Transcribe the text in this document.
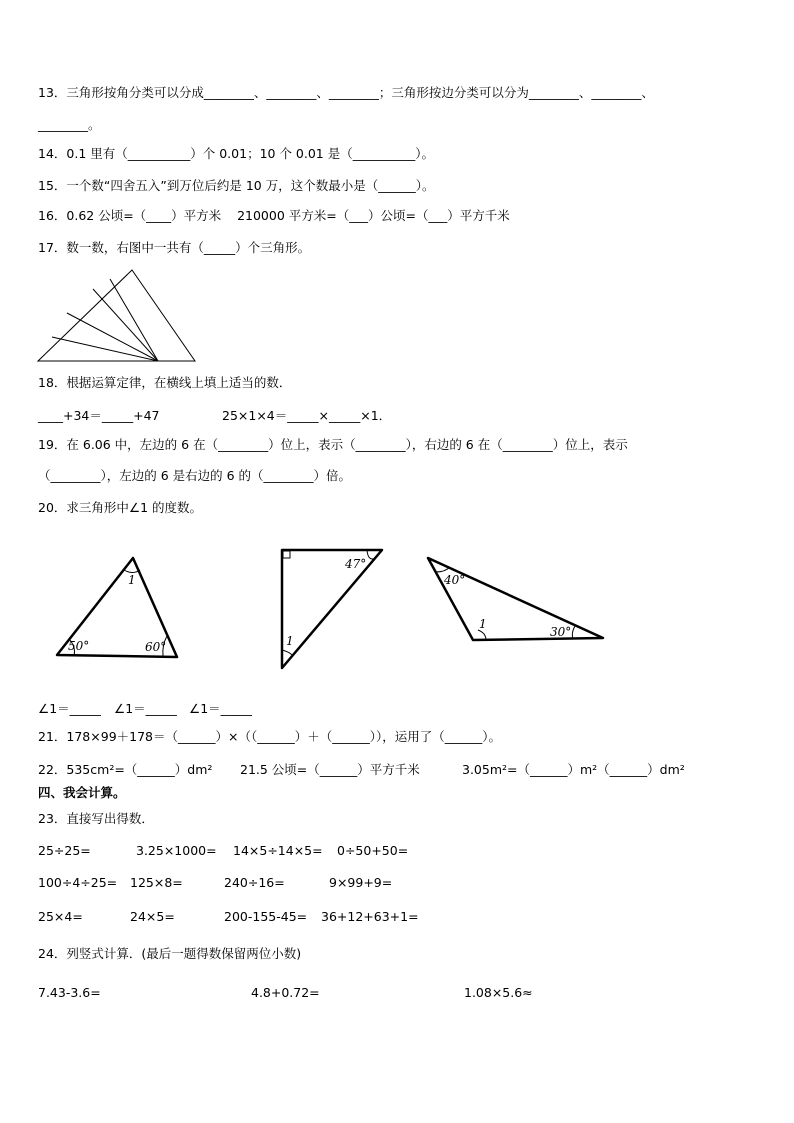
13．三角形按角分类可以分成________、________、________；三角形按边分类可以分为________、________、
________。
14．0.1 里有（__________）个 0.01；10 个 0.01 是（__________）。
15．一个数“四舍五入”到万位后约是 10 万，这个数最小是（______）。
16．0.62 公顷=（____）平方米    210000 平方米=（___）公顷=（___）平方千米
17．数一数，右图中一共有（_____）个三角形。
18．根据运算定律，在横线上填上适当的数．
____+34＝_____+47	25×1×4＝_____×_____×1．
19．在 6.06 中，左边的 6 在（________）位上，表示（________），右边的 6 在（________）位上，表示
（________），左边的 6 是右边的 6 的（________）倍。
20．求三角形中∠1 的度数。
1
50°	60°
47°
1
40°
1
30°
∠1＝_____ ∠1＝_____ ∠1＝_____
21．178×99＋178＝（______）×（（______）＋（______）），运用了（______）。
22．535cm²=（______）dm² 21.5 公顷=（______）平方千米	3.05m²=（______）m²（______）dm²
四、我会计算。
23．直接写出得数．
25÷25=	3.25×1000= 14×5÷14×5= 0÷50+50=
100÷4÷25= 125×8=	240÷16=	9×99+9=
25×4=	24×5=	200-155-45= 36+12+63+1=
24．列竖式计算．(最后一题得数保留两位小数)
7.43-3.6=	4.8+0.72=	1.08×5.6≈
